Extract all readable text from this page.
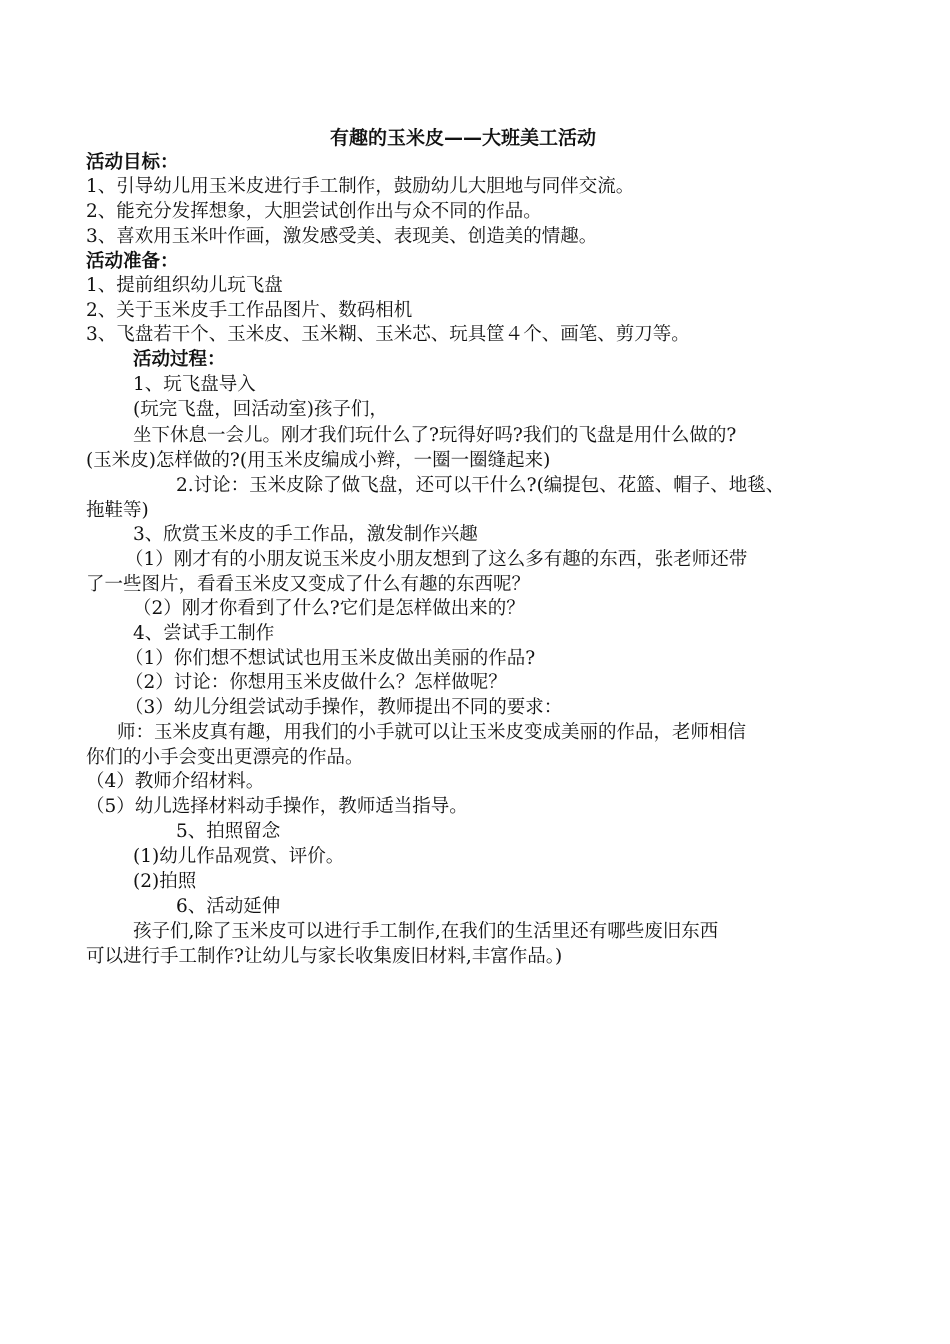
有趣的玉米皮——大班美工活动
活动目标：
1、引导幼儿用玉米皮进行手工制作，鼓励幼儿大胆地与同伴交流。
2、能充分发挥想象，大胆尝试创作出与众不同的作品。
3、喜欢用玉米叶作画，激发感受美、表现美、创造美的情趣。
活动准备：
1、提前组织幼儿玩飞盘
2、关于玉米皮手工作品图片、数码相机
3、飞盘若干个、玉米皮、玉米糊、玉米芯、玩具筐４个、画笔、剪刀等。
活动过程：
1、玩飞盘导入
(玩完飞盘，回活动室)孩子们，
坐下休息一会儿。刚才我们玩什么了?玩得好吗?我们的飞盘是用什么做的?
(玉米皮)怎样做的?(用玉米皮编成小辫，一圈一圈缝起来)
2.讨论：玉米皮除了做飞盘，还可以干什么?(编提包、花篮、帽子、地毯、
拖鞋等)
3、欣赏玉米皮的手工作品，激发制作兴趣
（1）刚才有的小朋友说玉米皮小朋友想到了这么多有趣的东西，张老师还带
了一些图片，看看玉米皮又变成了什么有趣的东西呢？
（2）刚才你看到了什么?它们是怎样做出来的？
4、尝试手工制作
（1）你们想不想试试也用玉米皮做出美丽的作品?
（2）讨论：你想用玉米皮做什么？怎样做呢？
（3）幼儿分组尝试动手操作，教师提出不同的要求：
师：玉米皮真有趣，用我们的小手就可以让玉米皮变成美丽的作品，老师相信
你们的小手会变出更漂亮的作品。
（4）教师介绍材料。
（5）幼儿选择材料动手操作，教师适当指导。
5、拍照留念
(1)幼儿作品观赏、评价。
(2)拍照
6、活动延伸
孩子们,除了玉米皮可以进行手工制作,在我们的生活里还有哪些废旧东西
可以进行手工制作?让幼儿与家长收集废旧材料,丰富作品。)
